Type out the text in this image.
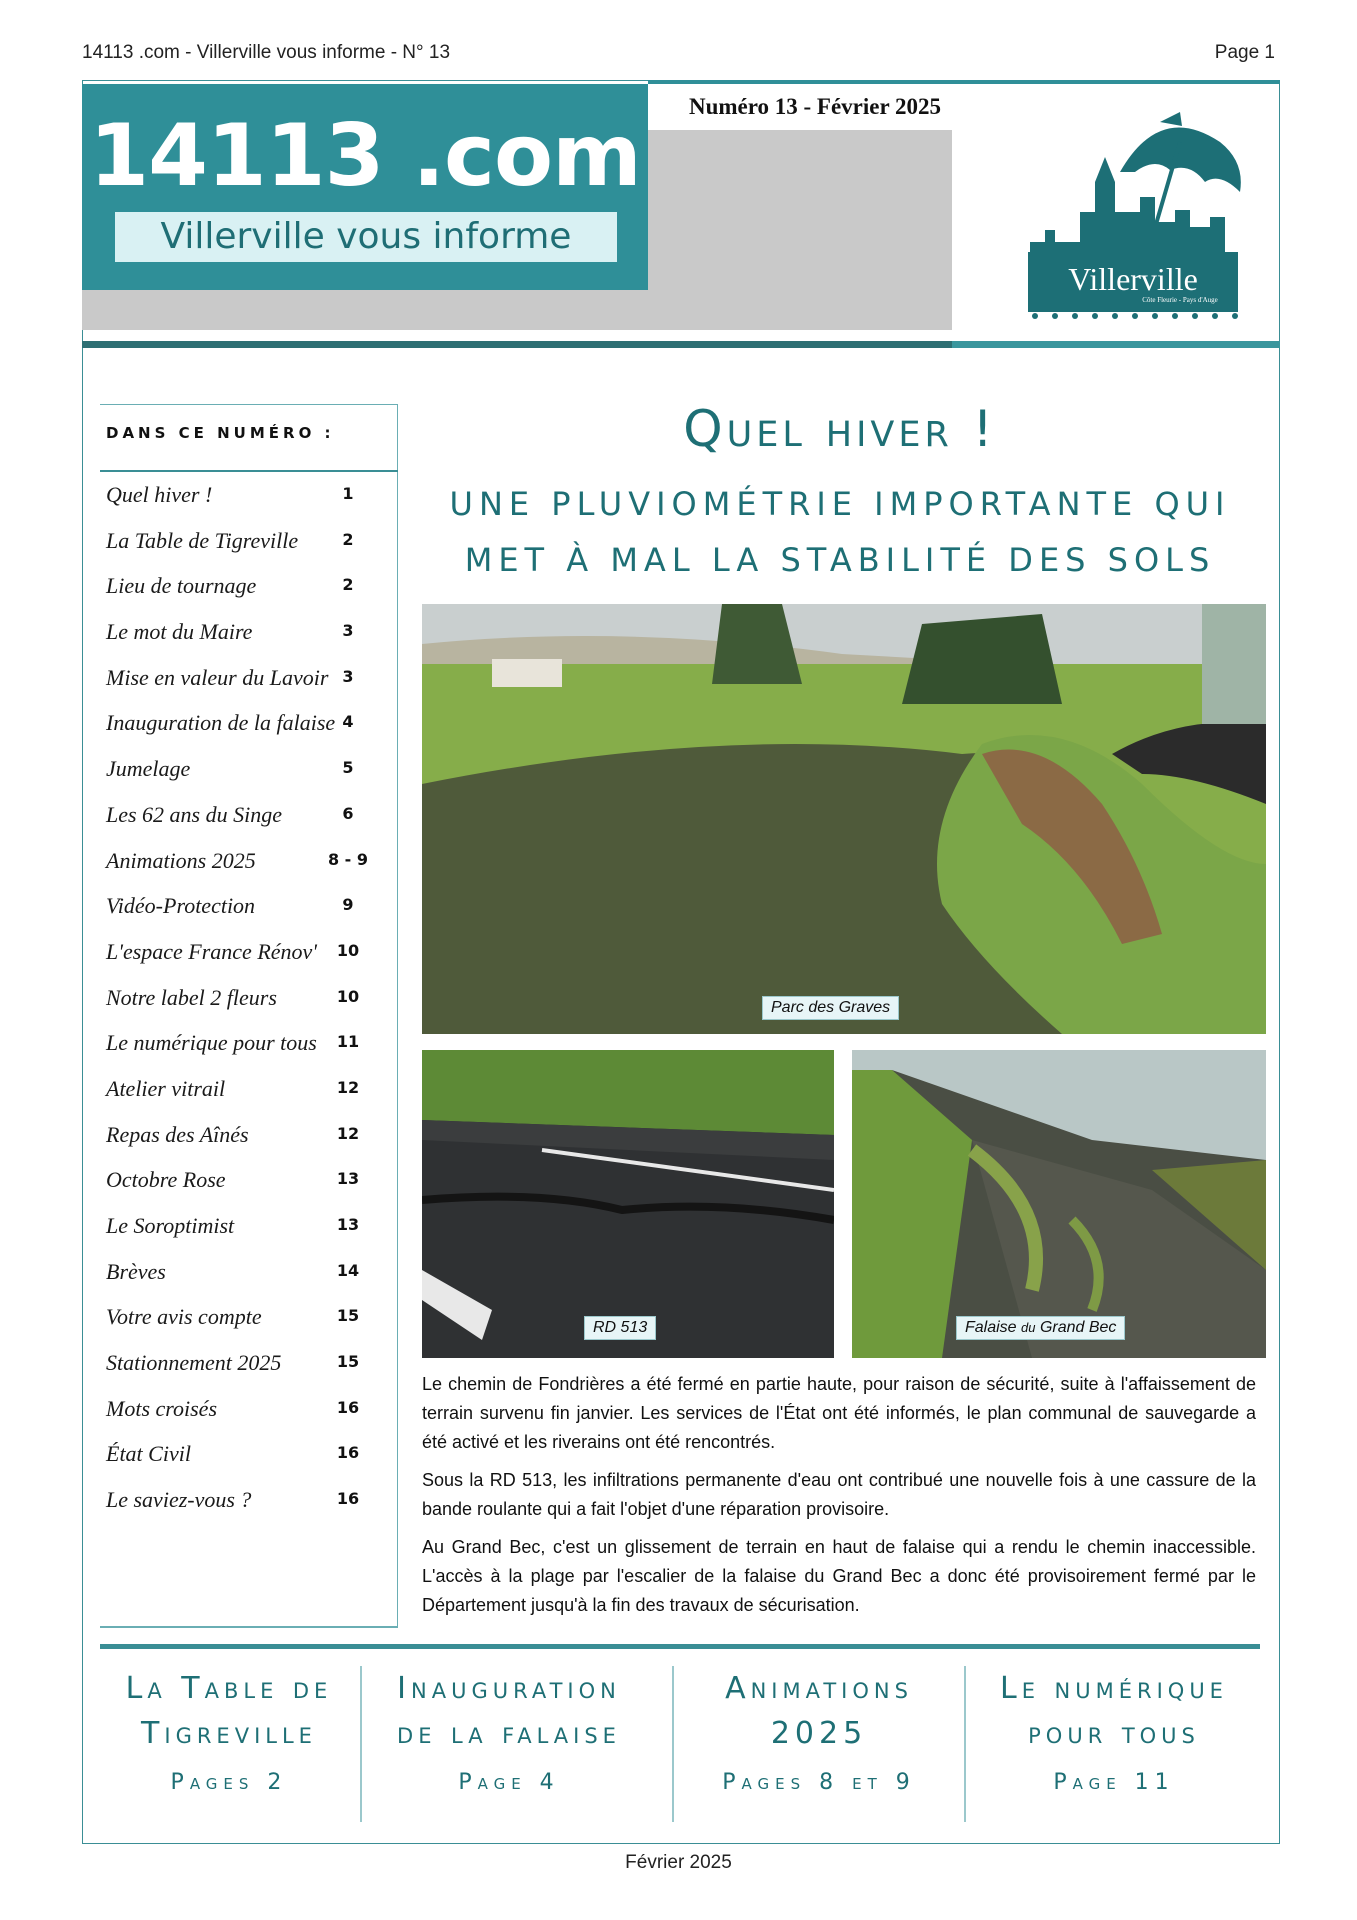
14113 .com - Villerville vous informe - N° 13	Page 1
14113 .com
Villerville vous informe
Numéro 13 - Février 2025
Villerville
Côte Fleurie - Pays d'Auge
DANS CE NUMÉRO :
Quel hiver !	1
La Table de Tigreville	2
Lieu de tournage	2
Le mot du Maire	3
Mise en valeur du Lavoir 3
Inauguration de la falaise 4
Jumelage	5
Les 62 ans du Singe	6
Animations 2025	8 - 9
Vidéo-Protection	9
L'espace France Rénov'	10
Notre label 2 fleurs	10
Le numérique pour tous	11
Atelier vitrail	12
Repas des Aînés	12
Octobre Rose	13
Le Soroptimist	13
Brèves	14
Votre avis compte	15
Stationnement 2025	15
Mots croisés	16
État Civil	16
Le saviez-vous ?	16
Quel hiver !
UNE PLUVIOMÉTRIE IMPORTANTE QUI
MET À MAL LA STABILITÉ DES SOLS
Parc des Graves
RD 513	Falaise du Grand Bec

Le chemin de Fondrières a été fermé en partie haute, pour raison de sécurité, suite à l'affaissement de terrain survenu fin janvier. Les services de l'État ont été informés, le plan communal de sauvegarde a été activé et les riverains ont été rencontrés.

Sous la RD 513, les infiltrations permanente d'eau ont contribué une nouvelle fois à une cassure de la bande roulante qui a fait l'objet d'une réparation provisoire.

Au Grand Bec, c'est un glissement de terrain en haut de falaise qui a rendu le chemin inaccessible. L'accès à la plage par l'escalier de la falaise du Grand Bec a donc été provisoirement fermé par le Département jusqu'à la fin des travaux de sécurisation.

La Table de
Tigreville
Pages 2
Inauguration
de la falaise
Page 4
Animations
2025
Pages 8 et 9
Le numérique
pour tous
Page 11
Février 2025
